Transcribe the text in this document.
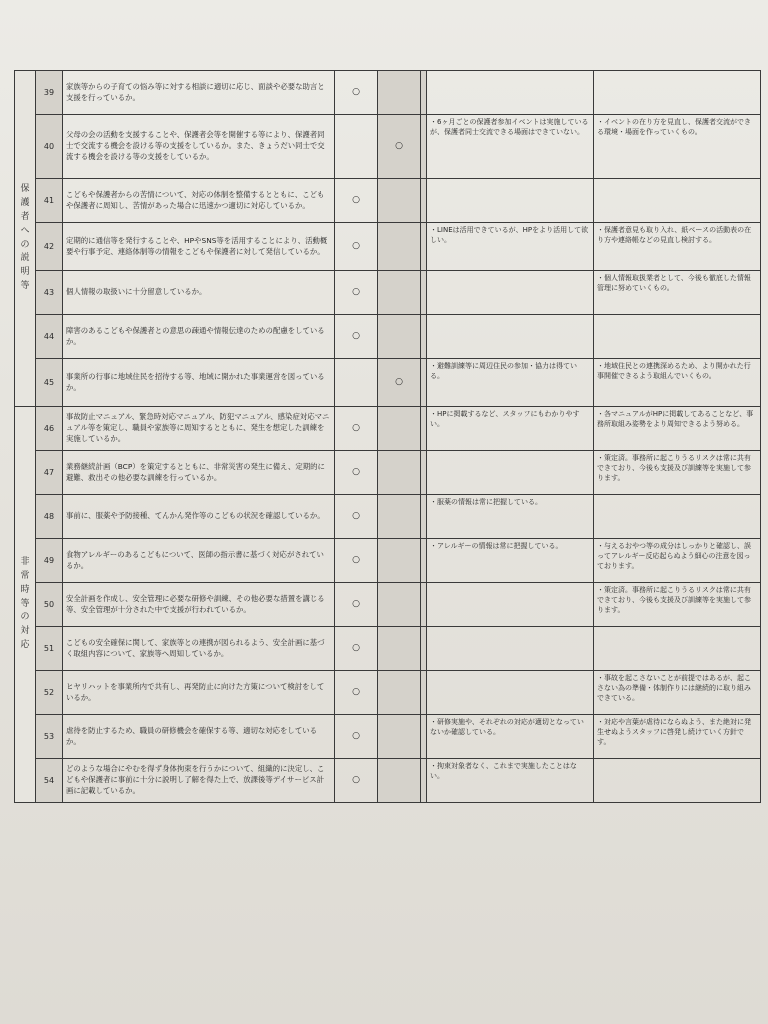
保護者への説明等	39	家族等からの子育ての悩み等に対する相談に適切に応じ、面談や必要な助言と支援を行っているか。	○				
	40	父母の会の活動を支援することや、保護者会等を開催する等により、保護者同士で交流する機会を設ける等の支援をしているか。また、きょうだい同士で交流する機会を設ける等の支援をしているか。		○		・6ヶ月ごとの保護者参加イベントは実施しているが、保護者同士交流できる場面はできていない。	・イベントの在り方を見直し、保護者交流ができる環境・場面を作っていくもの。
	41	こどもや保護者からの苦情について、対応の体制を整備するとともに、こどもや保護者に周知し、苦情があった場合に迅速かつ適切に対応しているか。	○				
	42	定期的に通信等を発行することや、HPやSNS等を活用することにより、活動概要や行事予定、連絡体制等の情報をこどもや保護者に対して発信しているか。	○			・LINEは活用できているが、HPをより活用して欲しい。	・保護者意見も取り入れ、紙ベースの活動表の在り方や連絡帳などの見直し検討する。
	43	個人情報の取扱いに十分留意しているか。	○				・個人情報取扱業者として、今後も徹底した情報管理に努めていくもの。
	44	障害のあるこどもや保護者との意思の疎通や情報伝達のための配慮をしているか。	○				
	45	事業所の行事に地域住民を招待する等、地域に開かれた事業運営を図っているか。		○		・避難訓練等に周辺住民の参加・協力は得ている。	・地域住民との連携深めるため、より開かれた行事開催できるよう取組んでいくもの。
非常時等の対応	46	事故防止マニュアル、緊急時対応マニュアル、防犯マニュアル、感染症対応マニュアル等を策定し、職員や家族等に周知するとともに、発生を想定した訓練を実施しているか。	○			・HPに掲載するなど、スタッフにもわかりやすい。	・各マニュアルがHPに掲載してあることなど、事務所取組み姿勢をより周知できるよう努める。
	47	業務継続計画（BCP）を策定するとともに、非常災害の発生に備え、定期的に避難、救出その他必要な訓練を行っているか。	○				・策定済。事務所に起こりうるリスクは常に共有できており、今後も支援及び訓練等を実施して参ります。
	48	事前に、服薬や予防接種、てんかん発作等のこどもの状況を確認しているか。	○			・服薬の情報は常に把握している。	
	49	食物アレルギーのあるこどもについて、医師の指示書に基づく対応がされているか。	○			・アレルギーの情報は常に把握している。	・与えるおやつ等の成分はしっかりと確認し、誤ってアレルギー反応起らぬよう細心の注意を図っております。
	50	安全計画を作成し、安全管理に必要な研修や訓練、その他必要な措置を講じる等、安全管理が十分された中で支援が行われているか。	○				・策定済。事務所に起こりうるリスクは常に共有できており、今後も支援及び訓練等を実施して参ります。
	51	こどもの安全確保に関して、家族等との連携が図られるよう、安全計画に基づく取組内容について、家族等へ周知しているか。	○				
	52	ヒヤリハットを事業所内で共有し、再発防止に向けた方策について検討をしているか。	○				・事故を起こさないことが前提ではあるが、起こさない為の準備・体制作りには継続的に取り組みできている。
	53	虐待を防止するため、職員の研修機会を確保する等、適切な対応をしているか。	○			・研修実施や、それぞれの対応が適切となっていないか確認している。	・対応や言葉が虐待にならぬよう、また絶対に発生せぬようスタッフに啓発し続けていく方針です。
	54	どのような場合にやむを得ず身体拘束を行うかについて、組織的に決定し、こどもや保護者に事前に十分に説明し了解を得た上で、放課後等デイサービス計画に記載しているか。	○			・拘束対象者なく、これまで実施したことはない。	
